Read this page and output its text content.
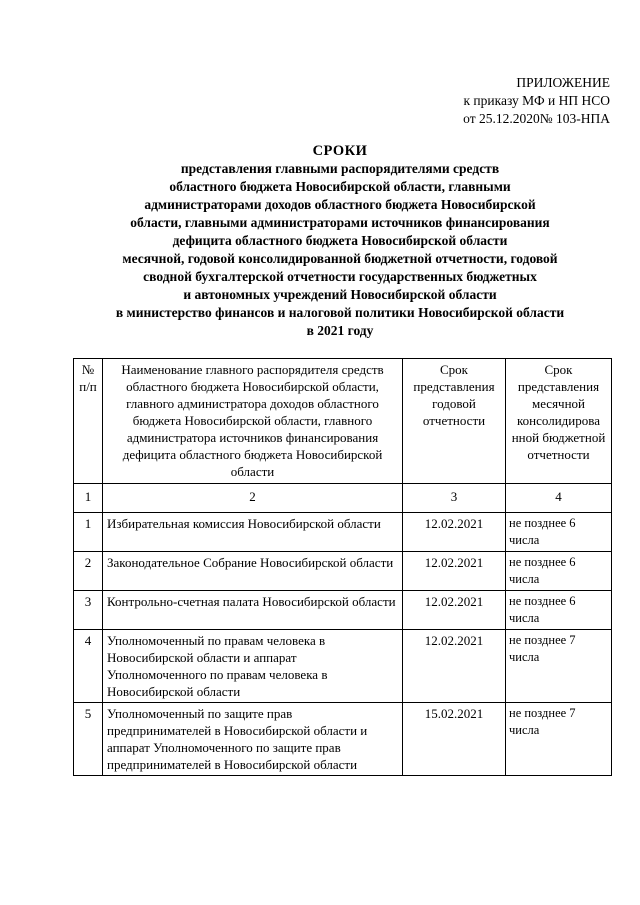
ПРИЛОЖЕНИЕ
к приказу МФ и НП НСО
от 25.12.2020№ 103-НПА
СРОКИ
представления главными распорядителями средств
областного бюджета Новосибирской области, главными
администраторами доходов областного бюджета Новосибирской
области, главными администраторами источников финансирования
дефицита областного бюджета Новосибирской области
месячной, годовой консолидированной бюджетной отчетности, годовой
сводной бухгалтерской отчетности государственных бюджетных
и автономных учреждений Новосибирской области
в министерство финансов и налоговой политики Новосибирской области
в 2021 году
№ п/п	Наименование главного распорядителя средств областного бюджета Новосибирской области, главного администратора доходов областного бюджета Новосибирской области, главного администратора источников финансирования дефицита областного бюджета Новосибирской области	Срок представления годовой отчетности	Срок представления месячной консолидирова нной бюджетной отчетности
1	2	3	4
1	Избирательная комиссия Новосибирской области	12.02.2021	не позднее 6 числа
2	Законодательное Собрание Новосибирской области	12.02.2021	не позднее 6 числа
3	Контрольно-счетная палата Новосибирской области	12.02.2021	не позднее 6 числа
4	Уполномоченный по правам человека в Новосибирской области и аппарат Уполномоченного по правам человека в Новосибирской области	12.02.2021	не позднее 7 числа
5	Уполномоченный по защите прав предпринимателей в Новосибирской области и аппарат Уполномоченного по защите прав предпринимателей в Новосибирской области	15.02.2021	не позднее 7 числа
